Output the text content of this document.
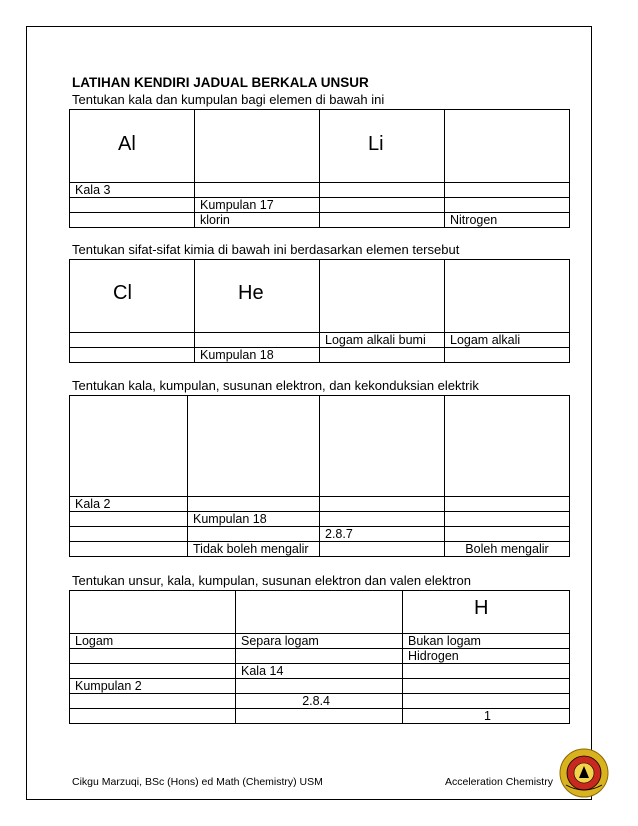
LATIHAN KENDIRI JADUAL BERKALA UNSUR
Tentukan kala dan kumpulan bagi elemen di bawah ini
Al		Li	
Kala 3			
	Kumpulan 17		
	klorin		Nitrogen
Tentukan sifat-sifat kimia di bawah ini berdasarkan elemen tersebut
Cl	He		
		Logam alkali bumi	Logam alkali
	Kumpulan 18		
Tentukan kala, kumpulan, susunan elektron, dan kekonduksian elektrik

Kala 2			
	Kumpulan 18		
		2.8.7	
	Tidak boleh mengalir		Boleh mengalir
Tentukan unsur, kala, kumpulan, susunan elektron dan valen elektron
		H
Logam	Separa logam	Bukan logam
		Hidrogen
	Kala 14	
Kumpulan 2		
	2.8.4	
		1
Cikgu Marzuqi, BSc (Hons) ed Math (Chemistry) USM	Acceleration Chemistry
